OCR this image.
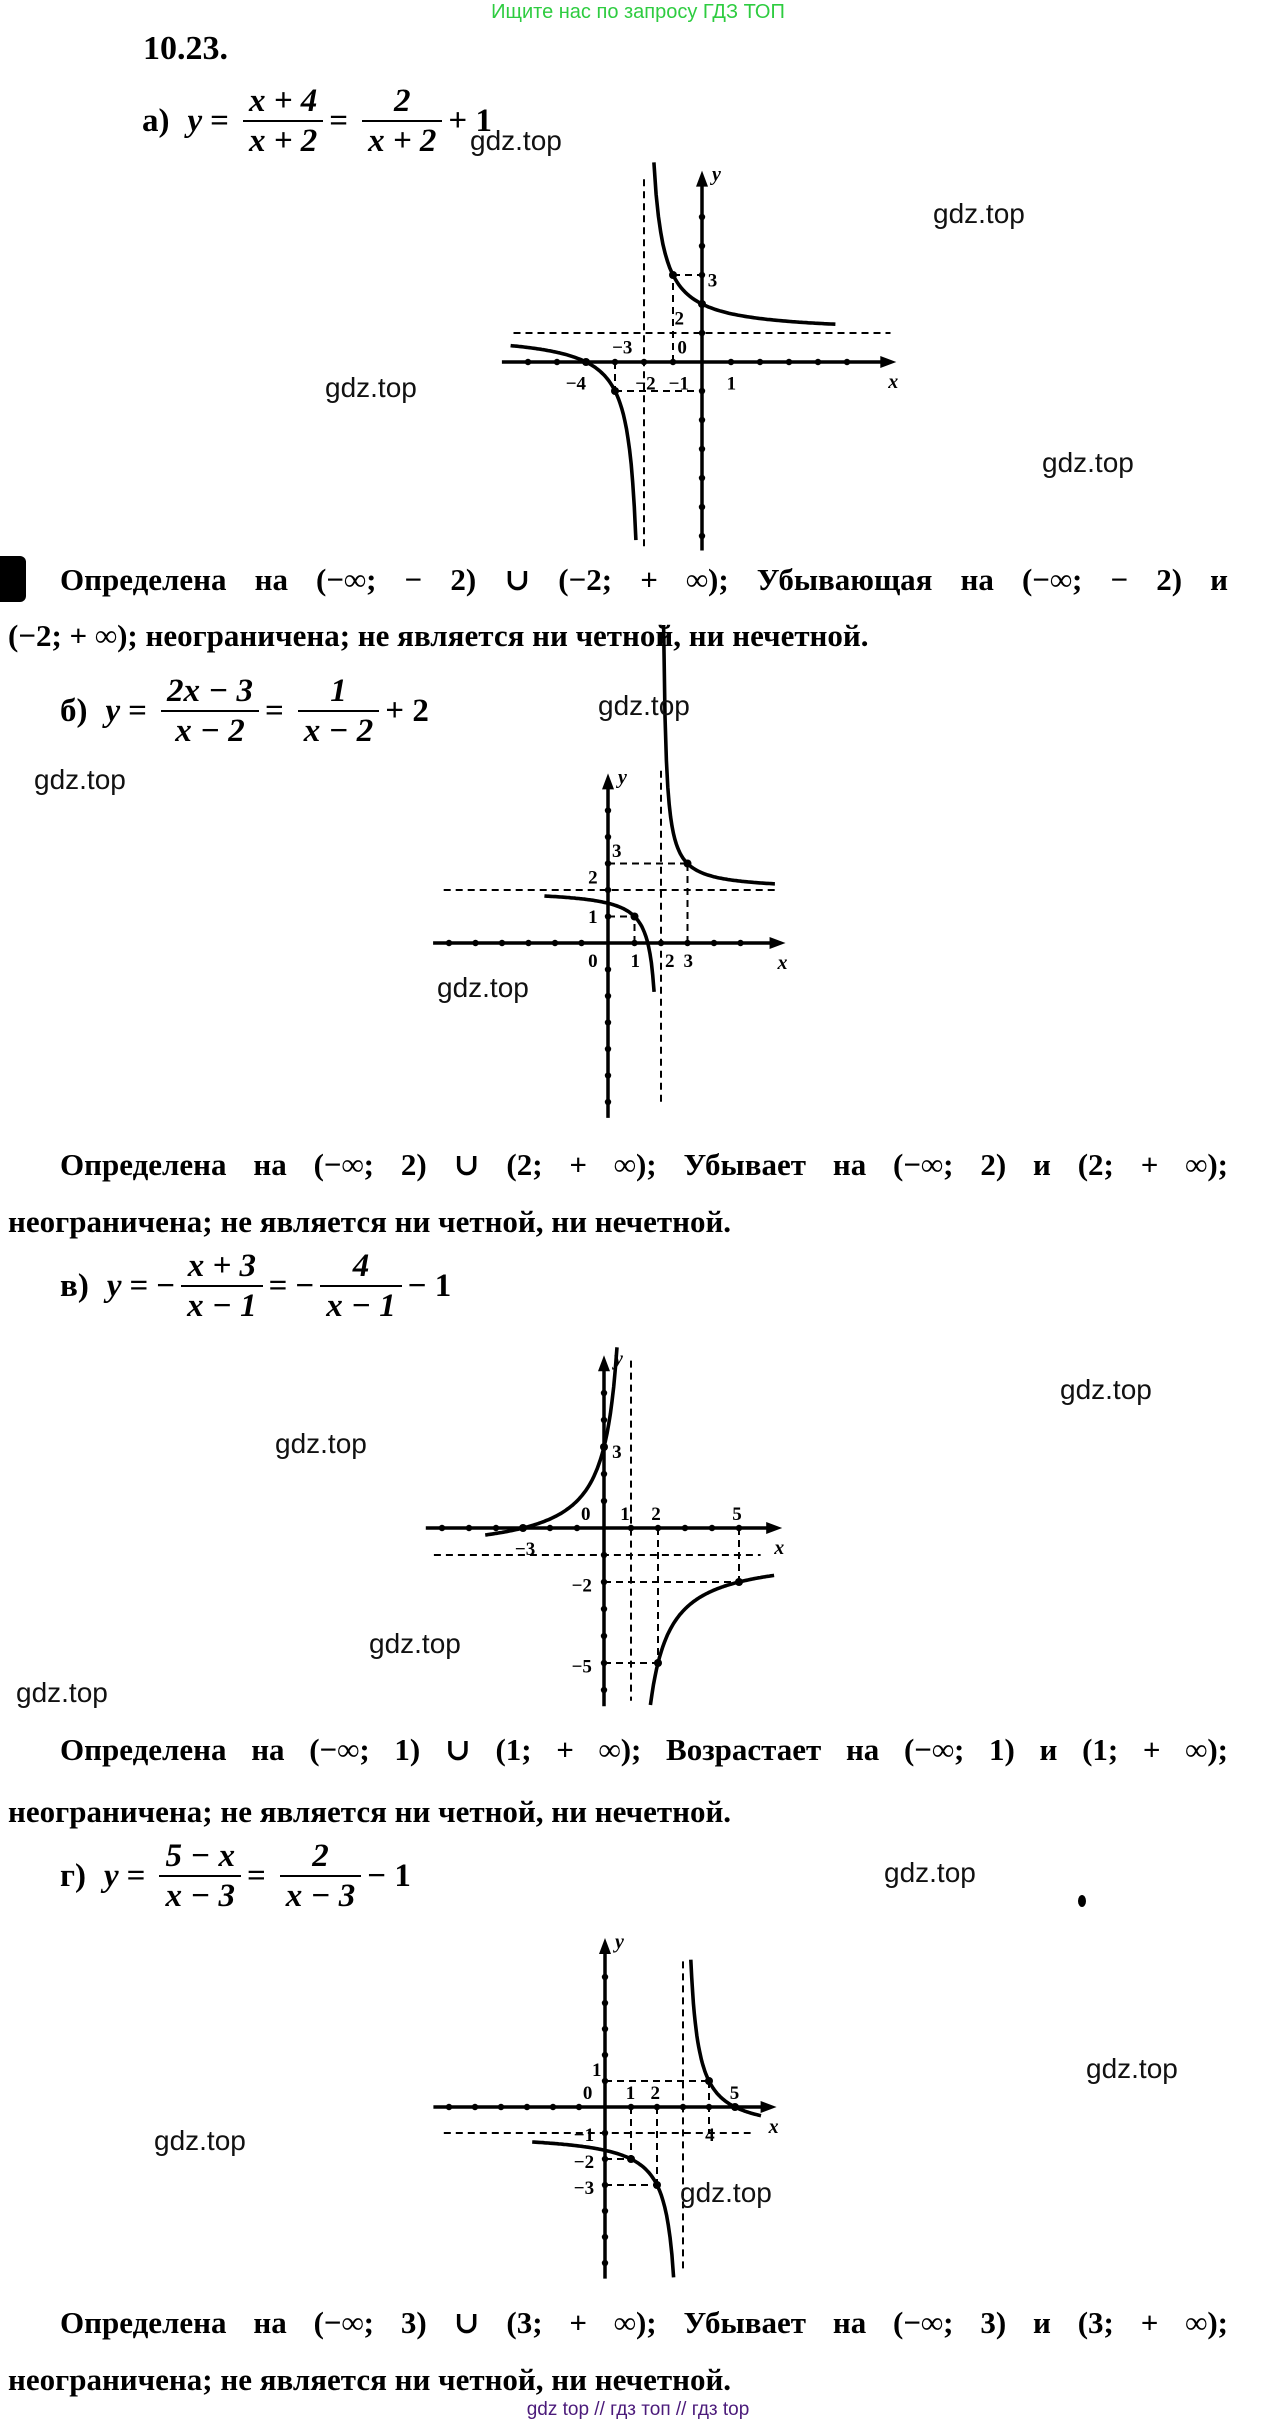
Ищите нас по запросу ГДЗ ТОП
10.23.
а) $y = \frac{x + 4}{x + 2} = \frac{2}{x + 2} + 1$
3
2
0
−3
−4	−2 −1 1	x
y
Определена на (−∞; − 2) ∪ (−2; + ∞); Убывающая на (−∞; − 2) и
(−2; + ∞); неограничена; не является ни четной, ни нечетной.
б) $y = \frac{2x - 3}{x - 2} = \frac{1}{x - 2} + 2$
3
2
1
0 1 2 3	x
y
Определена на (−∞; 2) ∪ (2; + ∞); Убывает на (−∞; 2) и (2; + ∞);
неограничена; не является ни четной, ни нечетной.
в) y = − $\frac{x + 3}{x - 1}$ = − $\frac{4}{x - 1} - 1$
3
0 1 2	5
−3
−2
−5
x
y
Определена на (−∞; 1) ∪ (1; + ∞); Возрастает на (−∞; 1) и (1; + ∞);
неограничена; не является ни четной, ни нечетной.
г) $y = \frac{5 - x}{x - 3} = \frac{2}{x - 3} - 1$
1
0 1 2	5
−1	4
−2
−3
x
y
Определена на (−∞; 3) ∪ (3; + ∞); Убывает на (−∞; 3) и (3; + ∞);
неограничена; не является ни четной, ни нечетной.
gdz.top
gdz.top
gdz.top
gdz.top
gdz.top
gdz.top
gdz.top
gdz.top
gdz.top
gdz.top
gdz.top
gdz.top
gdz.top
gdz.top
gdz.top
gdz top // гдз топ // гдз top
